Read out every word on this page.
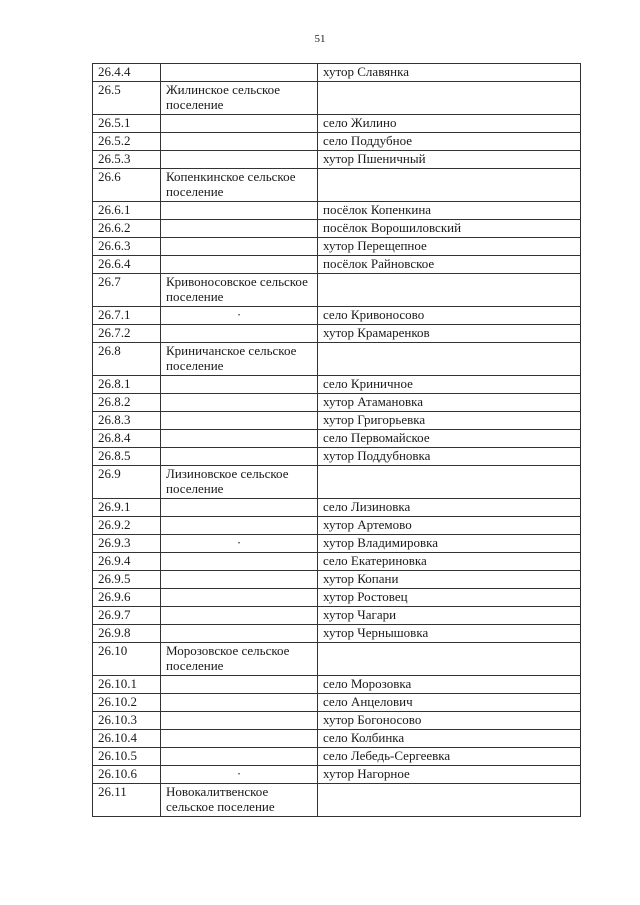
51
26.4.4		хутор Славянка
26.5	Жилинское сельское поселение	
26.5.1		село Жилино
26.5.2		село Поддубное
26.5.3		хутор Пшеничный
26.6	Копенкинское сельское поселение	
26.6.1		посёлок Копенкина
26.6.2		посёлок Ворошиловский
26.6.3		хутор Перещепное
26.6.4		посёлок Райновское
26.7	Кривоносовское сельское поселение	
26.7.1	·	село Кривоносово
26.7.2		хутор Крамаренков
26.8	Криничанское сельское поселение	
26.8.1		село Криничное
26.8.2		хутор Атамановка
26.8.3		хутор Григорьевка
26.8.4		село Первомайское
26.8.5		хутор Поддубновка
26.9	Лизиновское сельское поселение	
26.9.1		село Лизиновка
26.9.2		хутор Артемово
26.9.3	·	хутор Владимировка
26.9.4		село Екатериновка
26.9.5		хутор Копани
26.9.6		хутор Ростовец
26.9.7		хутор Чагари
26.9.8		хутор Чернышовка
26.10	Морозовское сельское поселение	
26.10.1		село Морозовка
26.10.2		село Анцелович
26.10.3		хутор Богоносово
26.10.4		село Колбинка
26.10.5		село Лебедь-Сергеевка
26.10.6	·	хутор Нагорное
26.11	Новокалитвенское сельское поселение	
